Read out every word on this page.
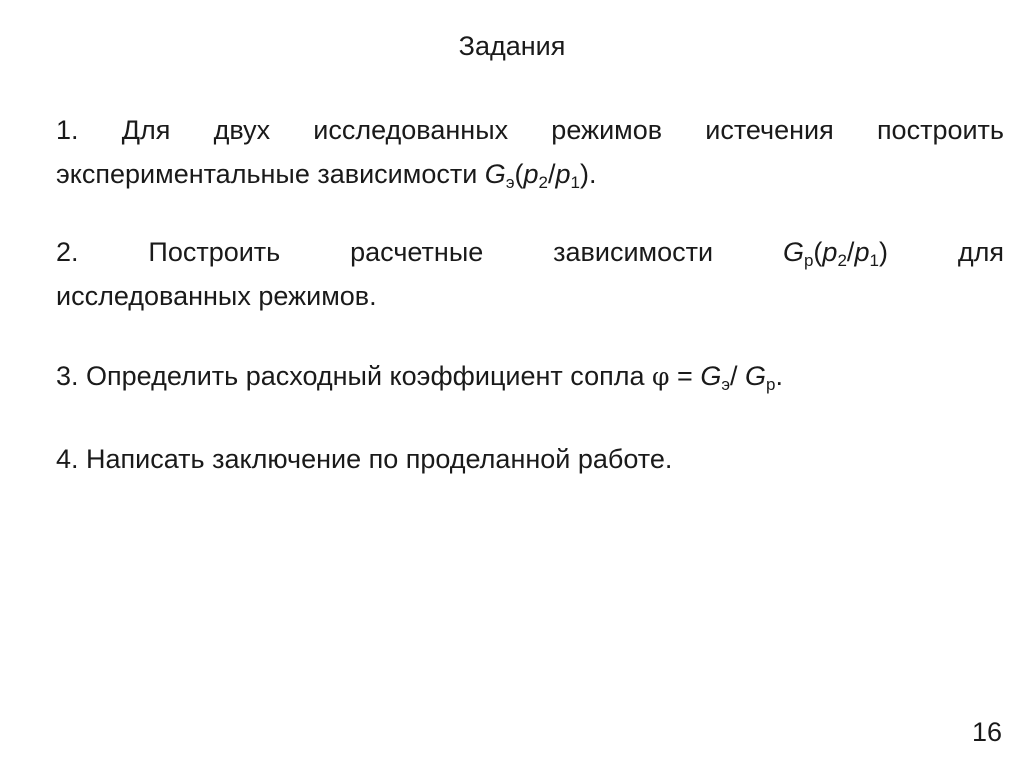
Задания
1. Для двух исследованных режимов истечения построить
экспериментальные зависимости $G_э(p_2/p_1)$.
2.	Построить	расчетные	зависимости	$G_р(p_2/p_1)$	для
исследованных режимов.
3. Определить расходный коэффициент сопла $\varphi = G_э/$ $G_р$.
4. Написать заключение по проделанной работе.
16
